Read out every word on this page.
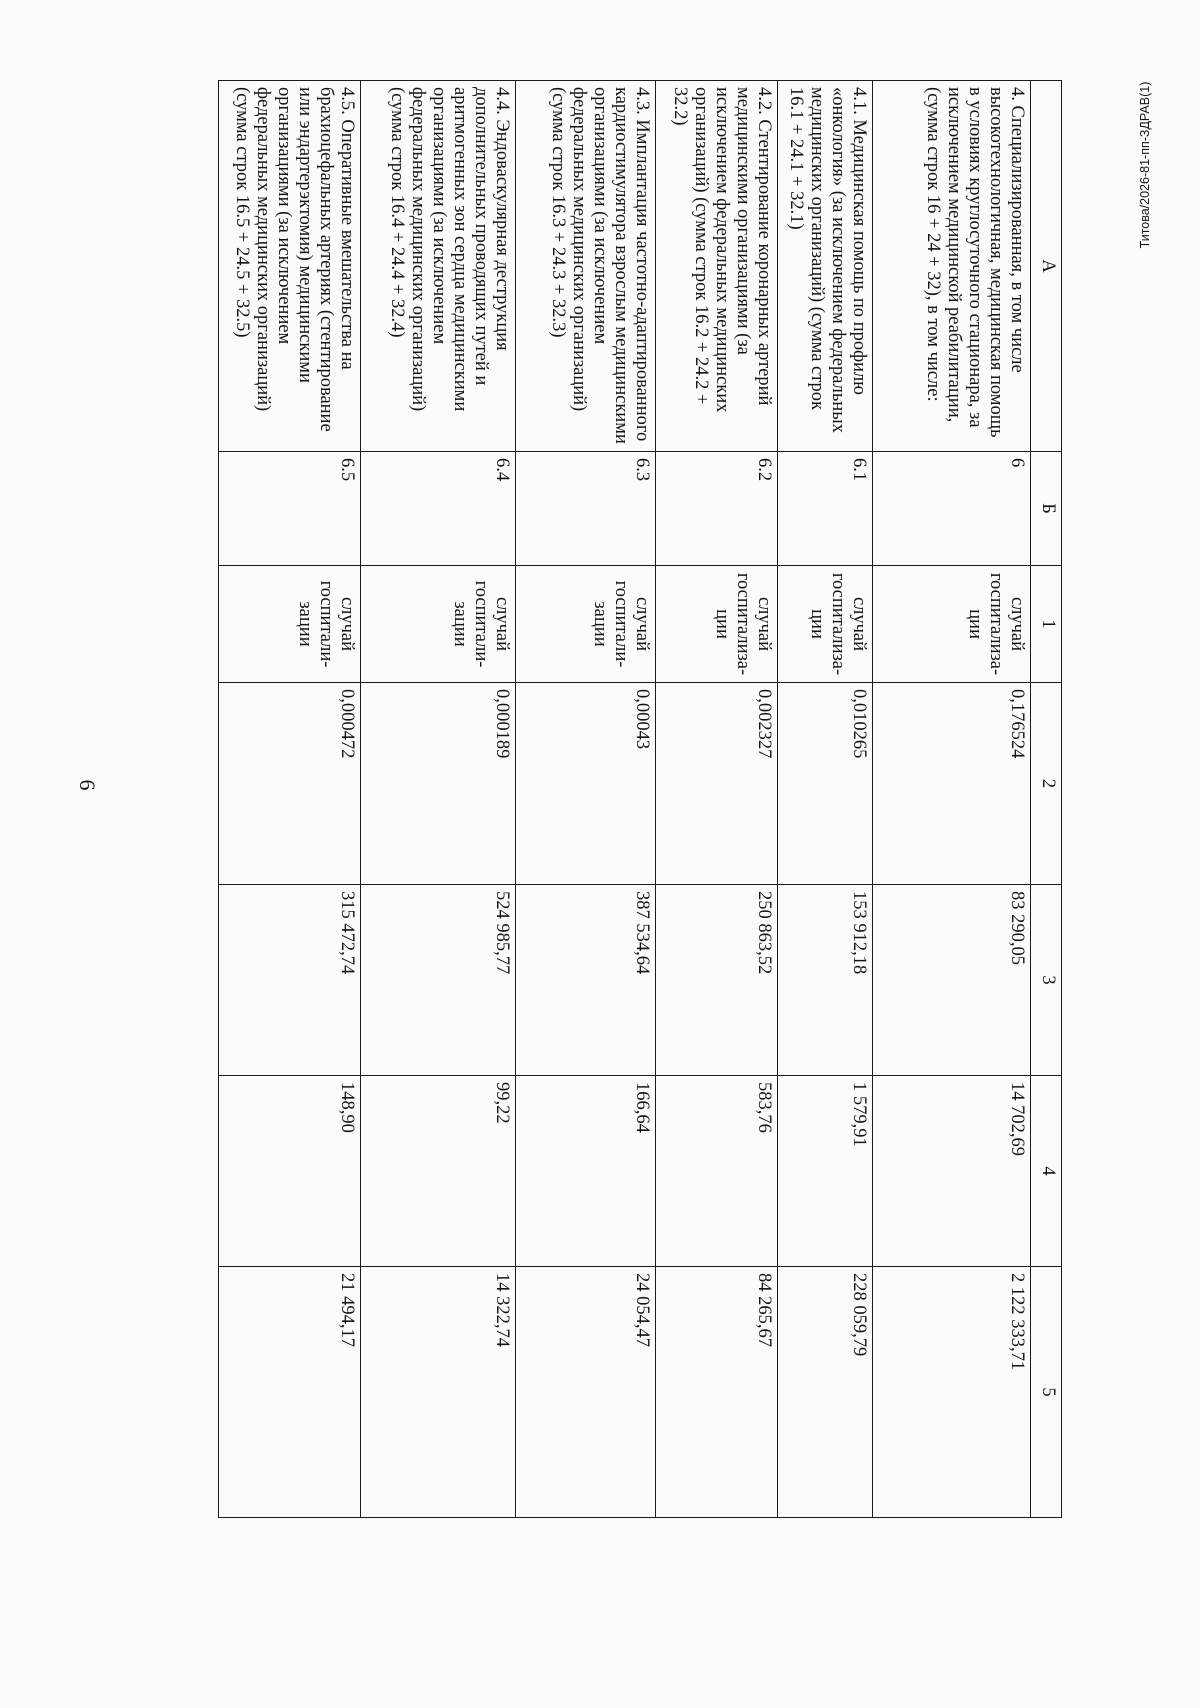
6
Титова/2026-81-пп-ЗДРАВ(1)
А	Б	1	2	3	4	5
4. Специализированная, в том числе высокотехнологичная, медицинская помощь в условиях круглосуточного стационара, за исключением медицинской реабилитации, (сумма строк 16 + 24 + 32), в том числе:	6	случай госпитализа-ции	0,176524	83 290,05	14 702,69	2 122 333,71
4.1. Медицинская помощь по профилю «онкология» (за исключением федеральных медицинских организаций) (сумма строк 16.1 + 24.1 + 32.1)	6.1	случай госпитализа-ции	0,010265	153 912,18	1 579,91	228 059,79
4.2. Стентирование коронарных артерий медицинскими организациями (за исключением федеральных медицинских организаций) (сумма строк 16.2 + 24.2 + 32.2)	6.2	случай госпитализа-ции	0,002327	250 863,52	583,76	84 265,67
4.3. Имплантация частотно-адаптированного кардиостимулятора взрослым медицинскими организациями (за исключением федеральных медицинских организаций) (сумма строк 16.3 + 24.3 + 32.3)	6.3	случай госпитали-зации	0,00043	387 534,64	166,64	24 054,47
4.4. Эндоваскулярная деструкция дополнительных проводящих путей и аритмогенных зон сердца медицинскими организациями (за исключением федеральных медицинских организаций) (сумма строк 16.4 + 24.4 + 32.4)	6.4	случай госпитали-зации	0,000189	524 985,77	99,22	14 322,74
4.5. Оперативные вмешательства на брахиоцефальных артериях (стентирование или эндартерэктомия) медицинскими организациями (за исключением федеральных медицинских организаций) (сумма строк 16.5 + 24.5 + 32.5)	6.5	случай госпитали-зации	0,000472	315 472,74	148,90	21 494,17
